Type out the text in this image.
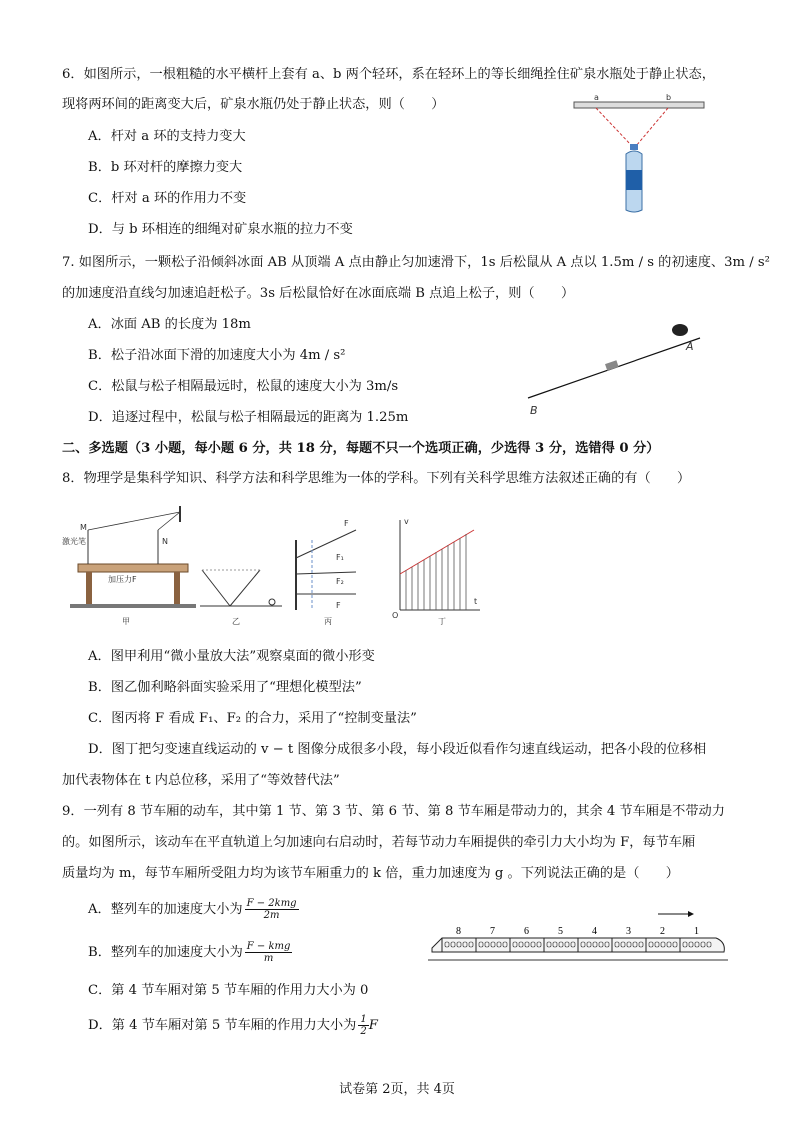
6．如图所示，一根粗糙的水平横杆上套有 a、b 两个轻环，系在轻环上的等长细绳拴住矿泉水瓶处于静止状态，
现将两环间的距离变大后，矿泉水瓶仍处于静止状态，则（　　）
A．杆对 a 环的支持力变大
B．b 环对杆的摩擦力变大
C．杆对 a 环的作用力不变
D．与 b 环相连的细绳对矿泉水瓶的拉力不变
a	b
7. 如图所示，一颗松子沿倾斜冰面 AB 从顶端 A 点由静止匀加速滑下，1s 后松鼠从 A 点以 1.5m / s 的初速度、3m / s²
的加速度沿直线匀加速追赶松子。3s 后松鼠恰好在冰面底端 B 点追上松子，则（　　）
A．冰面 AB 的长度为 18m
B．松子沿冰面下滑的加速度大小为 4m / s²
C．松鼠与松子相隔最远时，松鼠的速度大小为 3m/s
D．追逐过程中，松鼠与松子相隔最远的距离为 1.25m
A
B
二、多选题（3 小题，每小题 6 分，共 18 分，每题不只一个选项正确，少选得 3 分，选错得 0 分）
8．物理学是集科学知识、科学方法和科学思维为一体的学科。下列有关科学思维方法叙述正确的有（　　）
M
N
激光笔
加压力F
甲	乙
F
F₁
F₂
F
丙
v
t
O
丁
A．图甲利用“微小量放大法”观察桌面的微小形变
B．图乙伽利略斜面实验采用了“理想化模型法”
C．图丙将 F 看成 F₁、F₂ 的合力，采用了“控制变量法”
D．图丁把匀变速直线运动的 v − t 图像分成很多小段，每小段近似看作匀速直线运动，把各小段的位移相
加代表物体在 t 内总位移，采用了“等效替代法”
9．一列有 8 节车厢的动车，其中第 1 节、第 3 节、第 6 节、第 8 节车厢是带动力的，其余 4 节车厢是不带动力
的。如图所示，该动车在平直轨道上匀加速向右启动时，若每节动力车厢提供的牵引力大小均为 F，每节车厢
质量均为 m，每节车厢所受阻力均为该节车厢重力的 k 倍，重力加速度为 g 。下列说法正确的是（　　）
A．整列车的加速度大小为 $\frac{\text{F − 2kmg}}{2m}$
B．整列车的加速度大小为 $\frac{\text{F − kmg}}{m}$
C．第 4 节车厢对第 5 节车厢的作用力大小为 0
D．第 4 节车厢对第 5 节车厢的作用力大小为 $\frac{1}{2}$ F
8	7	6	5	4	3	2	1
试卷第 2页，共 4页
